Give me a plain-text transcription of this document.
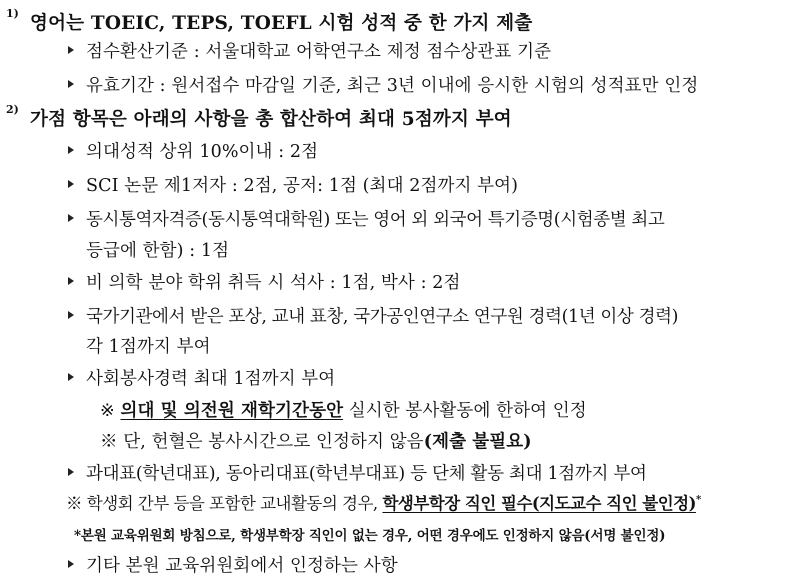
1) 영어는 TOEIC, TEPS, TOEFL 시험 성적 중 한 가지 제출
점수환산기준 : 서울대학교 어학연구소 제정 점수상관표 기준
유효기간 : 원서접수 마감일 기준, 최근 3년 이내에 응시한 시험의 성적표만 인정
2) 가점 항목은 아래의 사항을 총 합산하여 최대 5점까지 부여
의대성적 상위 10%이내 : 2점
SCI 논문 제1저자 : 2점, 공저: 1점 (최대 2점까지 부여)
동시통역자격증(동시통역대학원) 또는 영어 외 외국어 특기증명(시험종별 최고
등급에 한함) : 1점
비 의학 분야 학위 취득 시 석사 : 1점, 박사 : 2점
국가기관에서 받은 포상, 교내 표창, 국가공인연구소 연구원 경력(1년 이상 경력)
각 1점까지 부여
사회봉사경력 최대 1점까지 부여
※ 의대 및 의전원 재학기간동안 실시한 봉사활동에 한하여 인정
※ 단, 헌혈은 봉사시간으로 인정하지 않음(제출 불필요)
과대표(학년대표), 동아리대표(학년부대표) 등 단체 활동 최대 1점까지 부여
※ 학생회 간부 등을 포함한 교내활동의 경우, 학생부학장 직인 필수(지도교수 직인 불인정)*
*본원 교육위원회 방침으로, 학생부학장 직인이 없는 경우, 어떤 경우에도 인정하지 않음(서명 불인정)
기타 본원 교육위원회에서 인정하는 사항
